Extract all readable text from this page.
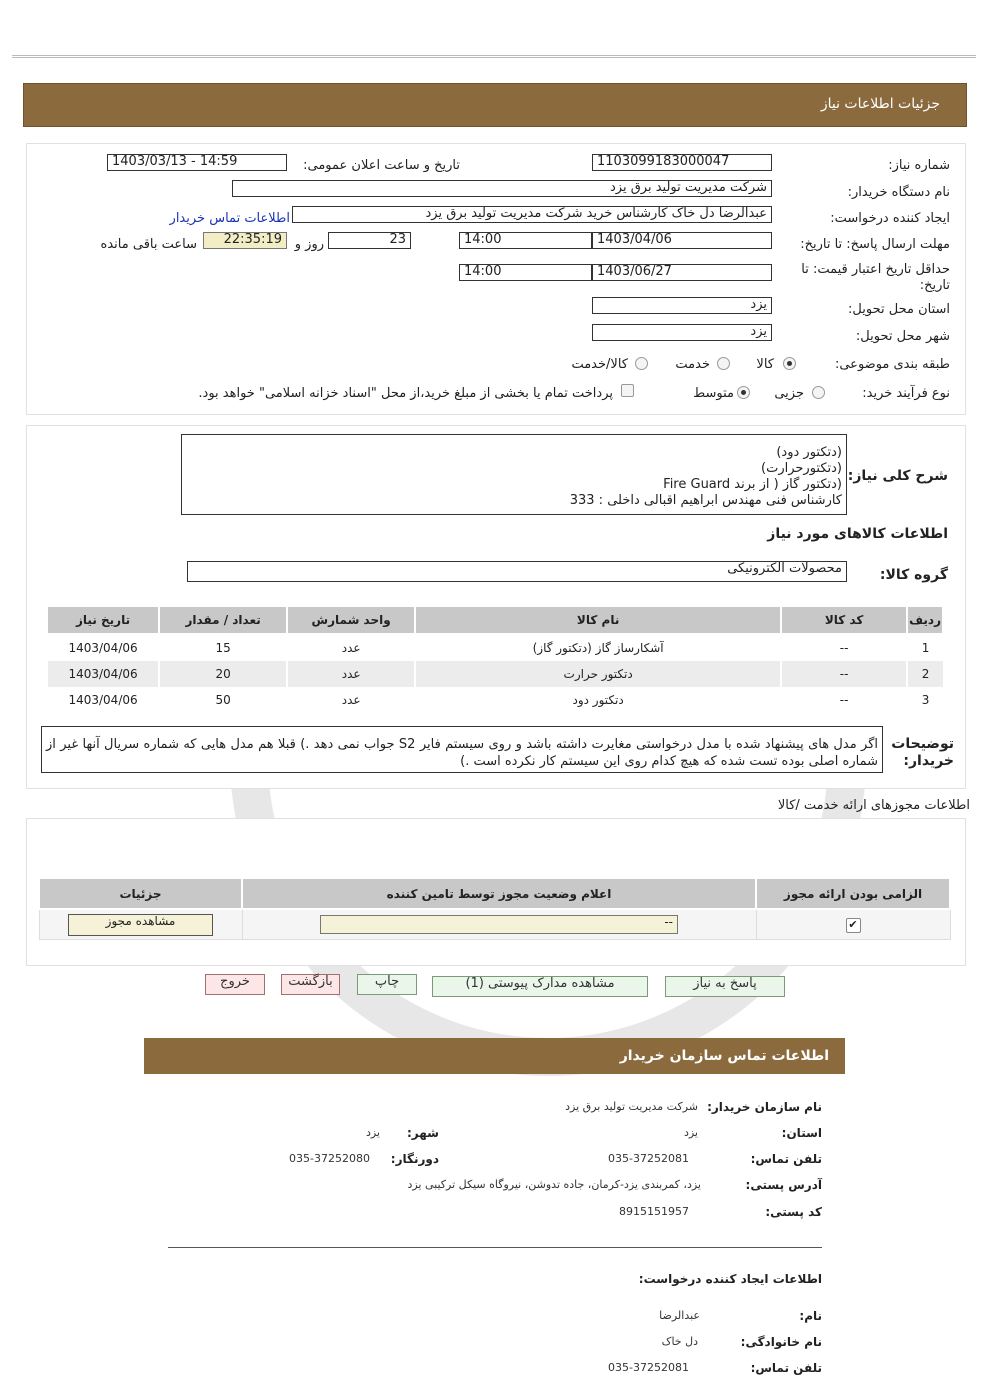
جزئیات اطلاعات نیاز
شماره نیاز:
1103099183000047
تاریخ و ساعت اعلان عمومی:
1403/03/13 - 14:59
نام دستگاه خریدار:
شرکت مدیریت تولید برق یزد
ایجاد کننده درخواست:
عبدالرضا دل خاک کارشناس خرید شرکت مدیریت تولید برق یزد
اطلاعات تماس خریدار
مهلت ارسال پاسخ: تا تاریخ:
1403/04/06
14:00
23
روز و
22:35:19
ساعت باقی مانده
حداقل تاریخ اعتبار قیمت: تا تاریخ:
1403/06/27
14:00
استان محل تحویل:
یزد
شهر محل تحویل:
یزد
طبقه بندی موضوعی:
کالا
خدمت
کالا/خدمت
نوع فرآیند خرید:
جزیی
متوسط
پرداخت تمام یا بخشی از مبلغ خرید،از محل "اسناد خزانه اسلامی" خواهد بود.
شرح کلی نیاز:
(دتکتور دود)
(دتکتورحرارت)
(دتکتور گاز ( از برند Fire Guard
کارشناس فنی مهندس ابراهیم اقبالی داخلی : 333
اطلاعات کالاهای مورد نیاز
گروه کالا:
محصولات الکترونیکی
ردیف	کد کالا	نام کالا	واحد شمارش	تعداد / مقدار	تاریخ نیاز
1	--	آشکارساز گاز (دتکتور گاز)	عدد	15	1403/04/06
2	--	دتکتور حرارت	عدد	20	1403/04/06
3	--	دتکتور دود	عدد	50	1403/04/06
توضیحات خریدار:
اگر مدل های پیشنهاد شده با مدل درخواستی مغایرت داشته باشد و روی سیستم فایر S2 جواب نمی دهد .) قبلا هم مدل هایی که شماره سریال آنها غیر از شماره اصلی بوده تست شده که هیچ کدام روی این سیستم کار نکرده است .)
اطلاعات مجوزهای ارائه خدمت /کالا
الزامی بودن ارائه مجوز	اعلام وضعیت مجوز توسط تامین کننده	جزئیات
✔	--	مشاهده مجوز
پاسخ به نیاز
مشاهده مدارک پیوستی (1)
چاپ
بازگشت
خروج
اطلاعات تماس سازمان خریدار
نام سازمان خریدار:
شرکت مدیریت تولید برق یزد
استان:
یزد
شهر:
یزد
تلفن تماس:
035-37252081
دورنگار:
035-37252080
آدرس پستی:
یزد، کمربندی یزد-کرمان، جاده تدوشن، نیروگاه سیکل ترکیبی یزد
کد پستی:
8915151957
اطلاعات ایجاد کننده درخواست:
نام:
عبدالرضا
نام خانوادگی:
دل خاک
تلفن تماس:
035-37252081
